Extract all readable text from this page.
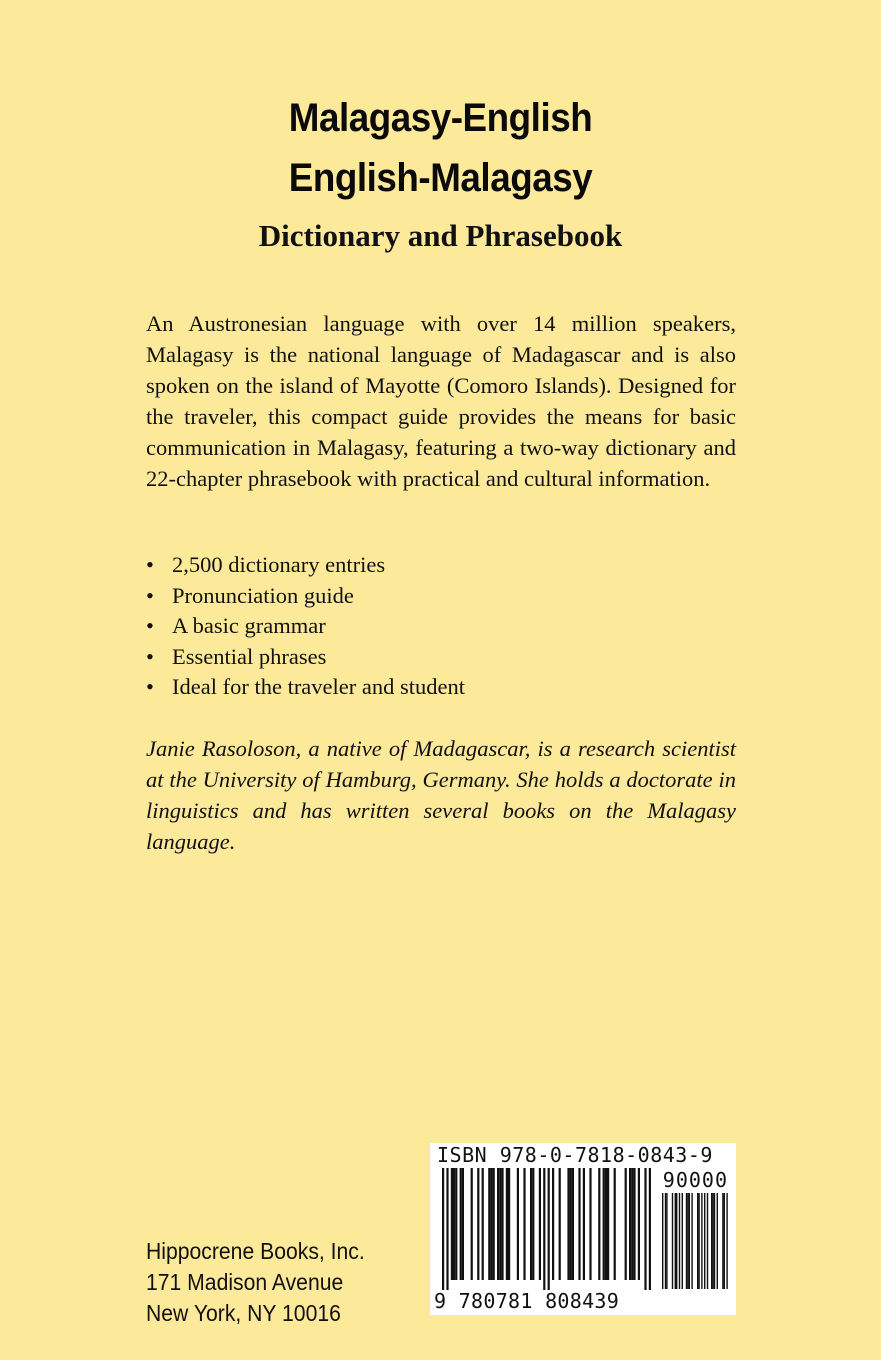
Malagasy-English
English-Malagasy
Dictionary and Phrasebook

An Austronesian language with over 14 million speakers, Malagasy is the national language of Madagascar and is also spoken on the island of Mayotte (Comoro Islands). Designed for the traveler, this compact guide provides the means for basic communication in Malagasy, featuring a two-way dictionary and 22-chapter phrasebook with practical and cultural information.

• 2,500 dictionary entries
• Pronunciation guide
• A basic grammar
• Essential phrases
• Ideal for the traveler and student

Janie Rasoloson, a native of Madagascar, is a research scientist at the University of Hamburg, Germany. She holds a doctorate in linguistics and has written several books on the Malagasy language.

Hippocrene Books, Inc.
171 Madison Avenue
New York, NY 10016
ISBN 978-0-7818-0843-9
90000
9 780781 808439
